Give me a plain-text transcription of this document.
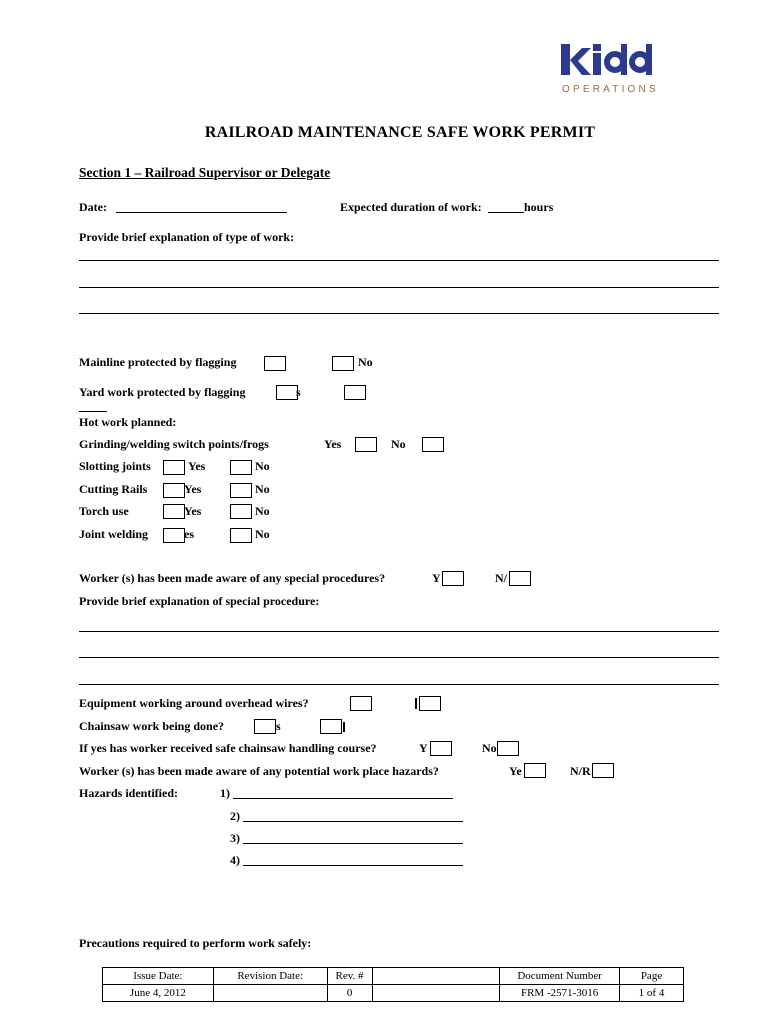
OPERATIONS
RAILROAD MAINTENANCE SAFE WORK PERMIT
Section 1 – Railroad Supervisor or Delegate
Date:	Expected duration of work:	hours
Provide brief explanation of type of work:
Mainline protected by flagging	No
Yard work protected by flagging	s
Hot work planned:
Grinding/welding switch points/frogs	Yes	No
Slotting joints	Yes	No
Cutting Rails	Yes	No
Torch use	Yes	No
Joint welding	es	No
Worker (s) has been made aware of any special procedures?	Y	N/
Provide brief explanation of special procedure:
Equipment working around overhead wires?
Chainsaw work being done?	s
If yes has worker received safe chainsaw handling course?	Y	No
Worker (s) has been made aware of any potential work place hazards?	Ye	N/R
Hazards identified:	1)
2)
3)
4)
Precautions required to perform work safely:
Issue Date:	Revision Date:	Rev. #		Document Number	Page
June 4, 2012		0		FRM -2571-3016	1 of 4
